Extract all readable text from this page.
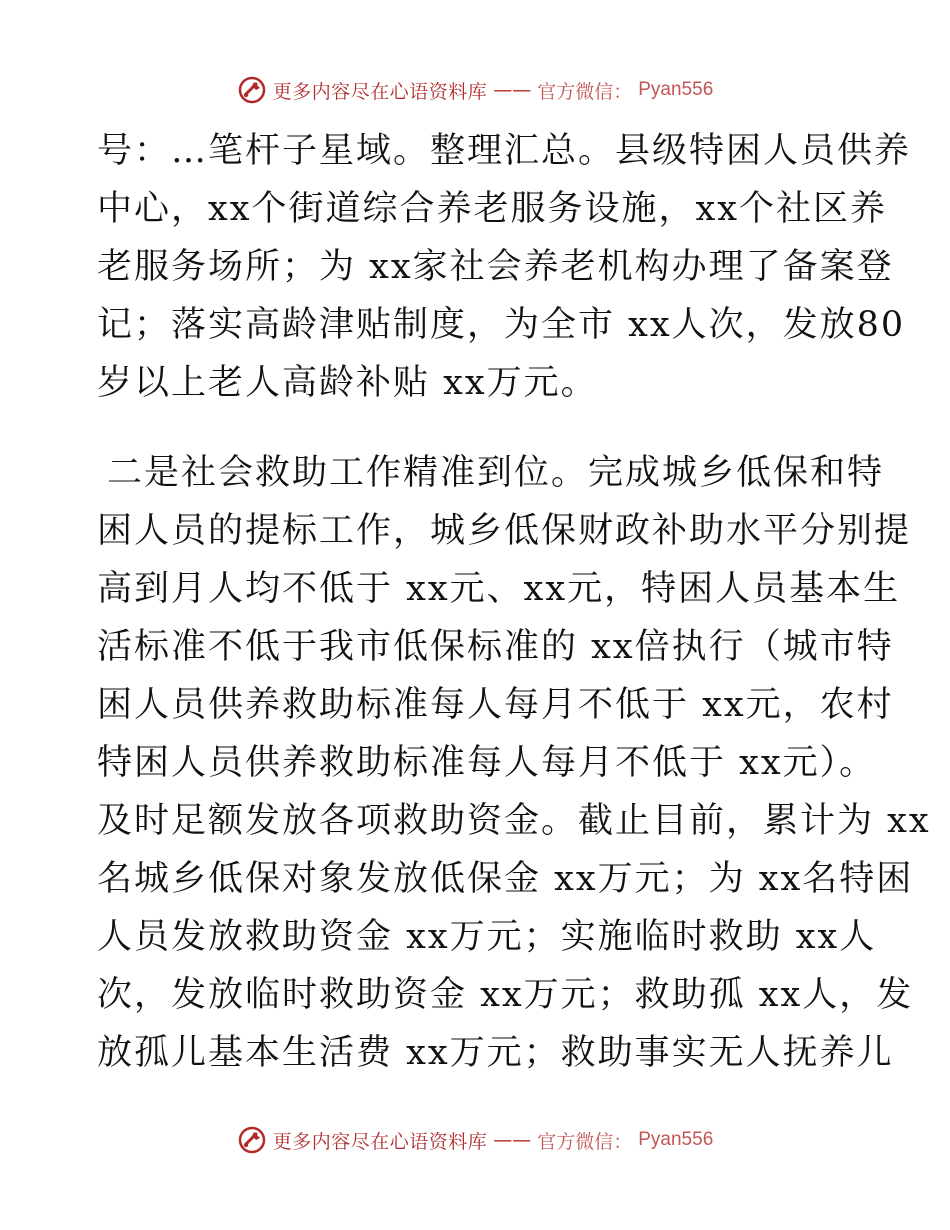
更多内容尽在心语资料库 —— 官方微信： Pyan556
号：…笔杆子星域。整理汇总。县级特困人员供养
中心，xx个街道综合养老服务设施，xx个社区养
老服务场所；为 xx家社会养老机构办理了备案登
记；落实高龄津贴制度，为全市 xx人次，发放80
岁以上老人高龄补贴 xx万元。
二是社会救助工作精准到位。完成城乡低保和特
困人员的提标工作，城乡低保财政补助水平分别提
高到月人均不低于 xx元、xx元，特困人员基本生
活标准不低于我市低保标准的 xx倍执行（城市特
困人员供养救助标准每人每月不低于 xx元，农村
特困人员供养救助标准每人每月不低于 xx元）。
及时足额发放各项救助资金。截止目前，累计为 xx
名城乡低保对象发放低保金 xx万元；为 xx名特困
人员发放救助资金 xx万元；实施临时救助 xx人
次，发放临时救助资金 xx万元；救助孤 xx人，发
放孤儿基本生活费 xx万元；救助事实无人抚养儿
更多内容尽在心语资料库 —— 官方微信： Pyan556
